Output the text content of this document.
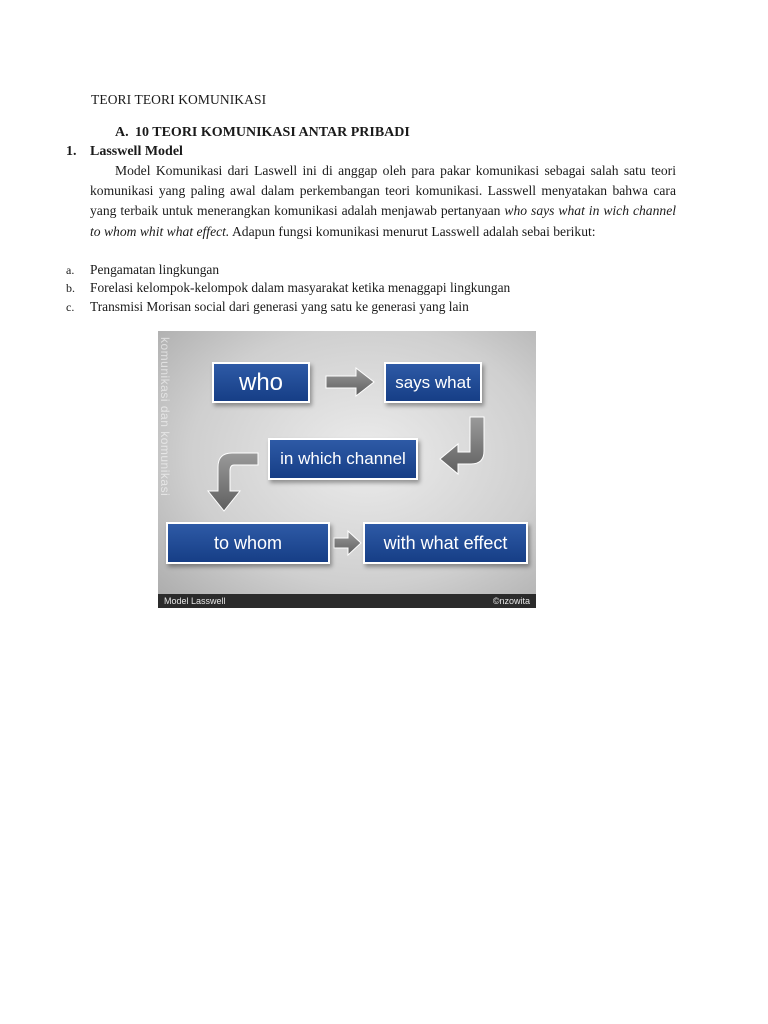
TEORI TEORI KOMUNIKASI
A. 10 TEORI KOMUNIKASI ANTAR PRIBADI
1. Lasswell Model

Model Komunikasi dari Laswell ini di anggap oleh para pakar komunikasi sebagai salah satu teori komunikasi yang paling awal dalam perkembangan teori komunikasi. Lasswell menyatakan bahwa cara yang terbaik untuk menerangkan komunikasi adalah menjawab pertanyaan who says what in wich channel to whom whit what effect. Adapun fungsi komunikasi menurut Lasswell adalah sebai berikut:

a.	Pengamatan lingkungan
b.	Forelasi kelompok-kelompok dalam masyarakat ketika menaggapi lingkungan
c.	Transmisi Morisan social dari generasi yang satu ke generasi yang lain
komunikasi dan komunikasi	who	says what
in which channel
to whom	with what effect
Model Lasswell	©nzowita
